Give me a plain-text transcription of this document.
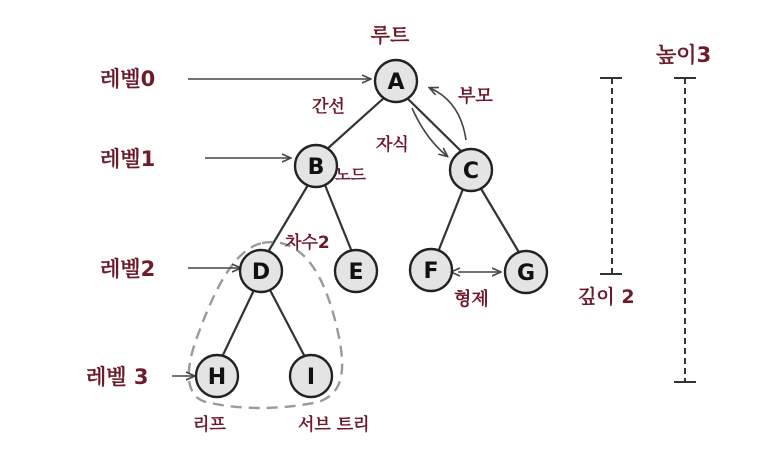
A
B	C
D	E	F	G
H	I
루트
레벨0
레벨1
레벨2
레벨 3
간선	부모
자식
노드
차수2
형제
리프	서브 트리
깊이 2
높이3
